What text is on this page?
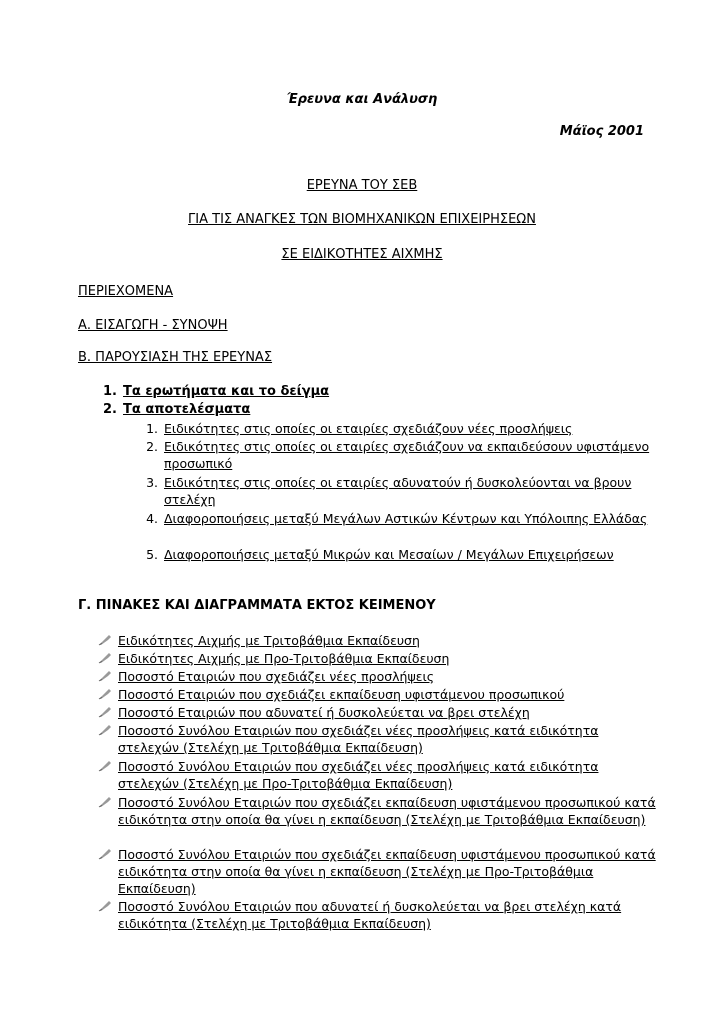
Έρευνα και Ανάλυση
Μάϊος 2001
ΕΡΕΥΝΑ ΤΟΥ ΣΕΒ
ΓΙΑ ΤΙΣ ΑΝΑΓΚΕΣ ΤΩΝ ΒΙΟΜΗΧΑΝΙΚΩΝ ΕΠΙΧΕΙΡΗΣΕΩΝ
ΣΕ ΕΙΔΙΚΟΤΗΤΕΣ ΑΙΧΜΗΣ
ΠΕΡΙΕΧΟΜΕΝΑ
Α. ΕΙΣΑΓΩΓΗ - ΣΥΝΟΨΗ
Β. ΠΑΡΟΥΣΙΑΣΗ ΤΗΣ ΕΡΕΥΝΑΣ
1. Τα ερωτήματα και το δείγμα
2. Τα αποτελέσματα
1. Ειδικότητες στις οποίες οι εταιρίες σχεδιάζουν νέες προσλήψεις
2. Ειδικότητες στις οποίες οι εταιρίες σχεδιάζουν να εκπαιδεύσουν υφιστάμενο προσωπικό
3. Ειδικότητες στις οποίες οι εταιρίες αδυνατούν ή δυσκολεύονται να βρουν στελέχη
4. Διαφοροποιήσεις μεταξύ Μεγάλων Αστικών Κέντρων και Υπόλοιπης Ελλάδας
5. Διαφοροποιήσεις μεταξύ Μικρών και Μεσαίων / Μεγάλων Επιχειρήσεων
Γ. ΠΙΝΑΚΕΣ ΚΑΙ ΔΙΑΓΡΑΜΜΑΤΑ ΕΚΤΟΣ ΚΕΙΜΕΝΟΥ
Ειδικότητες Αιχμής με Τριτοβάθμια Εκπαίδευση
Ειδικότητες Αιχμής με Προ-Τριτοβάθμια Εκπαίδευση
Ποσοστό Εταιριών που σχεδιάζει νέες προσλήψεις
Ποσοστό Εταιριών που σχεδιάζει εκπαίδευση υφιστάμενου προσωπικού
Ποσοστό Εταιριών που αδυνατεί ή δυσκολεύεται να βρει στελέχη
Ποσοστό Συνόλου Εταιριών που σχεδιάζει νέες προσλήψεις κατά ειδικότητα στελεχών (Στελέχη με Τριτοβάθμια Εκπαίδευση)
Ποσοστό Συνόλου Εταιριών που σχεδιάζει νέες προσλήψεις κατά ειδικότητα στελεχών (Στελέχη με Προ-Τριτοβάθμια Εκπαίδευση)
Ποσοστό Συνόλου Εταιριών που σχεδιάζει εκπαίδευση υφιστάμενου προσωπικού κατά ειδικότητα στην οποία θα γίνει η εκπαίδευση (Στελέχη με Τριτοβάθμια Εκπαίδευση)
Ποσοστό Συνόλου Εταιριών που σχεδιάζει εκπαίδευση υφιστάμενου προσωπικού κατά ειδικότητα στην οποία θα γίνει η εκπαίδευση (Στελέχη με Προ-Τριτοβάθμια Εκπαίδευση)
Ποσοστό Συνόλου Εταιριών που αδυνατεί ή δυσκολεύεται να βρει στελέχη κατά ειδικότητα (Στελέχη με Τριτοβάθμια Εκπαίδευση)
